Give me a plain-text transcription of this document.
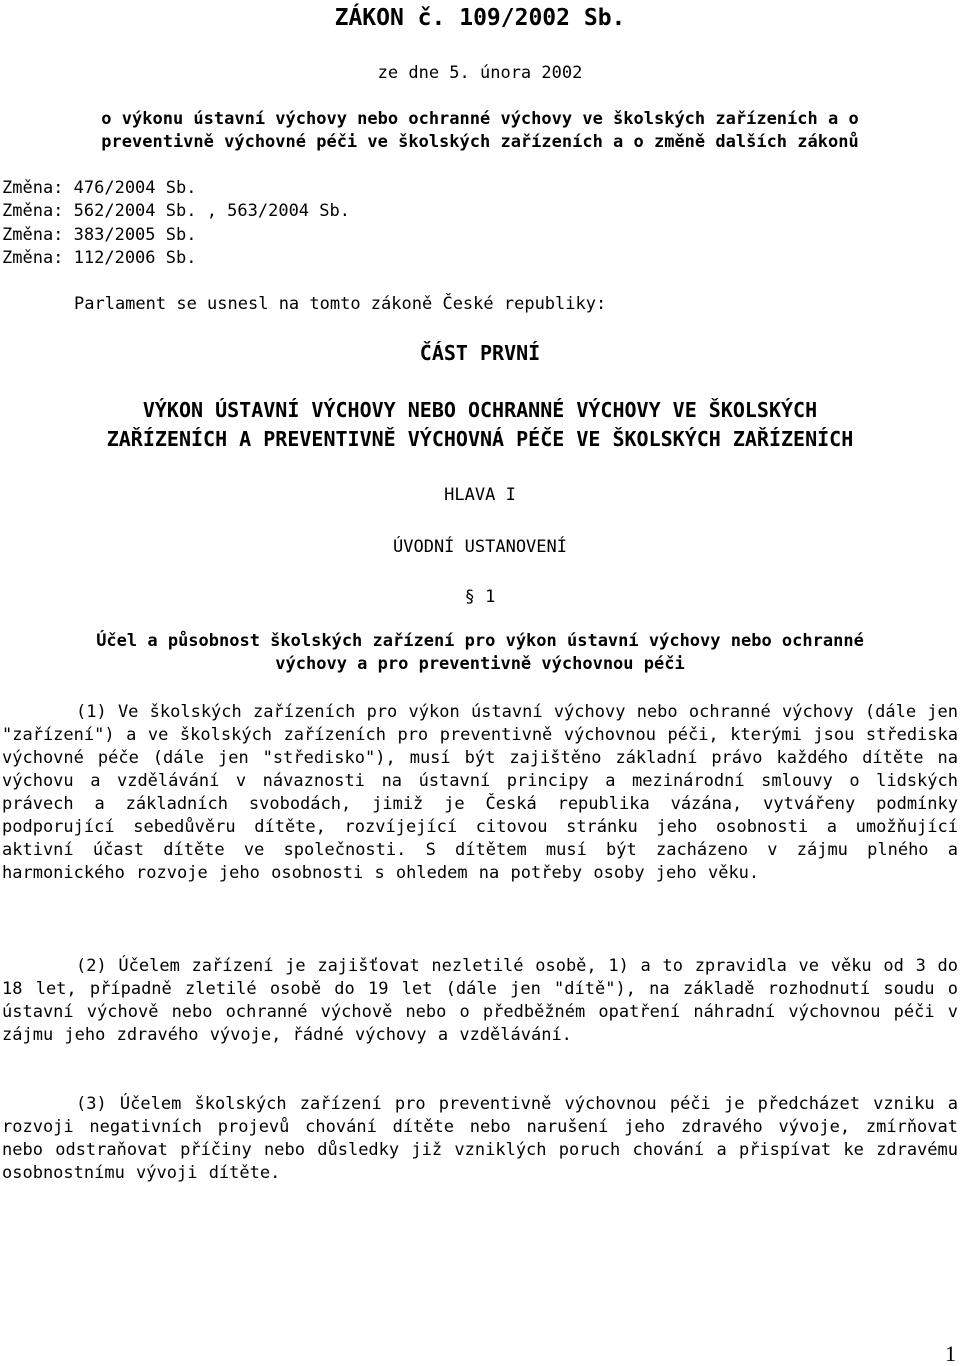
ZÁKON č. 109/2002 Sb.
ze dne 5. února 2002
o výkonu ústavní výchovy nebo ochranné výchovy ve školských zařízeních a o
preventivně výchovné péči ve školských zařízeních a o změně dalších zákonů
Změna: 476/2004 Sb.
Změna: 562/2004 Sb. , 563/2004 Sb.
Změna: 383/2005 Sb.
Změna: 112/2006 Sb.
Parlament se usnesl na tomto zákoně České republiky:
ČÁST PRVNÍ
VÝKON ÚSTAVNÍ VÝCHOVY NEBO OCHRANNÉ VÝCHOVY VE ŠKOLSKÝCH
ZAŘÍZENÍCH A PREVENTIVNĚ VÝCHOVNÁ PÉČE VE ŠKOLSKÝCH ZAŘÍZENÍCH
HLAVA I
ÚVODNÍ USTANOVENÍ
§ 1
Účel a působnost školských zařízení pro výkon ústavní výchovy nebo ochranné
výchovy a pro preventivně výchovnou péči
(1) Ve školských zařízeních pro výkon ústavní výchovy nebo ochranné výchovy (dále jen "zařízení") a ve školských zařízeních pro preventivně výchovnou péči, kterými jsou střediska výchovné péče (dále jen "středisko"), musí být zajištěno základní právo každého dítěte na výchovu a vzdělávání v návaznosti na ústavní principy a mezinárodní smlouvy o lidských právech a základních svobodách, jimiž je Česká republika vázána, vytvářeny podmínky podporující sebedůvěru dítěte, rozvíjející citovou stránku jeho osobnosti a umožňující aktivní účast dítěte ve společnosti. S dítětem musí být zacházeno v zájmu plného a harmonického rozvoje jeho osobnosti s ohledem na potřeby osoby jeho věku.
(2) Účelem zařízení je zajišťovat nezletilé osobě, 1) a to zpravidla ve věku od 3 do 18 let, případně zletilé osobě do 19 let (dále jen "dítě"), na základě rozhodnutí soudu o ústavní výchově nebo ochranné výchově nebo o předběžném opatření náhradní výchovnou péči v zájmu jeho zdravého vývoje, řádné výchovy a vzdělávání.
(3) Účelem školských zařízení pro preventivně výchovnou péči je předcházet vzniku a rozvoji negativních projevů chování dítěte nebo narušení jeho zdravého vývoje, zmírňovat nebo odstraňovat příčiny nebo důsledky již vzniklých poruch chování a přispívat ke zdravému osobnostnímu vývoji dítěte.
1
